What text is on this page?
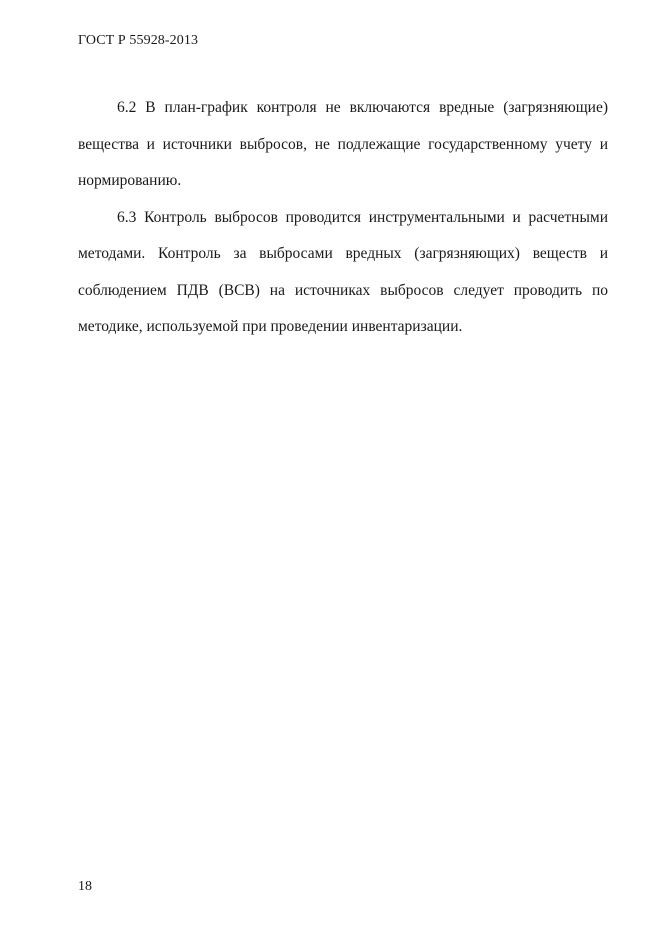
ГОСТ Р 55928-2013

6.2 В план-график контроля не включаются вредные (загрязняющие) вещества и источники выбросов, не подлежащие государственному учету и нормированию.

6.3 Контроль выбросов проводится инструментальными и расчетными методами. Контроль за выбросами вредных (загрязняющих) веществ и соблюдением ПДВ (ВСВ) на источниках выбросов следует проводить по методике, используемой при проведении инвентаризации.

18
